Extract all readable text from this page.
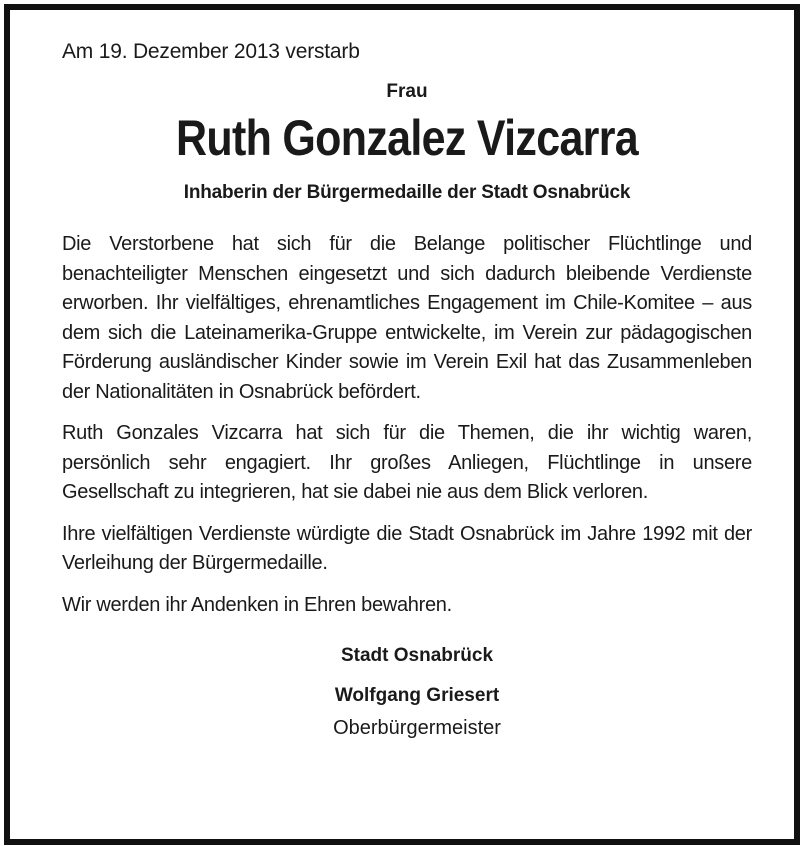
Am 19. Dezember 2013 verstarb

Frau

Ruth Gonzalez Vizcarra

Inhaberin der Bürgermedaille der Stadt Osnabrück

Die Verstorbene hat sich für die Belange politischer Flüchtlinge und benachteiligter Menschen eingesetzt und sich dadurch bleibende Verdienste erworben. Ihr vielfältiges, ehrenamtliches Engagement im Chile-Komitee – aus dem sich die Lateinamerika-Gruppe entwickelte, im Verein zur pädagogischen Förderung ausländischer Kinder sowie im Verein Exil hat das Zusammenleben der Nationalitäten in Osnabrück befördert.

Ruth Gonzales Vizcarra hat sich für die Themen, die ihr wichtig waren, persönlich sehr engagiert. Ihr großes Anliegen, Flüchtlinge in unsere Gesellschaft zu integrieren, hat sie dabei nie aus dem Blick verloren.

Ihre vielfältigen Verdienste würdigte die Stadt Osnabrück im Jahre 1992 mit der Verleihung der Bürgermedaille.

Wir werden ihr Andenken in Ehren bewahren.

Stadt Osnabrück

Wolfgang Griesert

Oberbürgermeister
